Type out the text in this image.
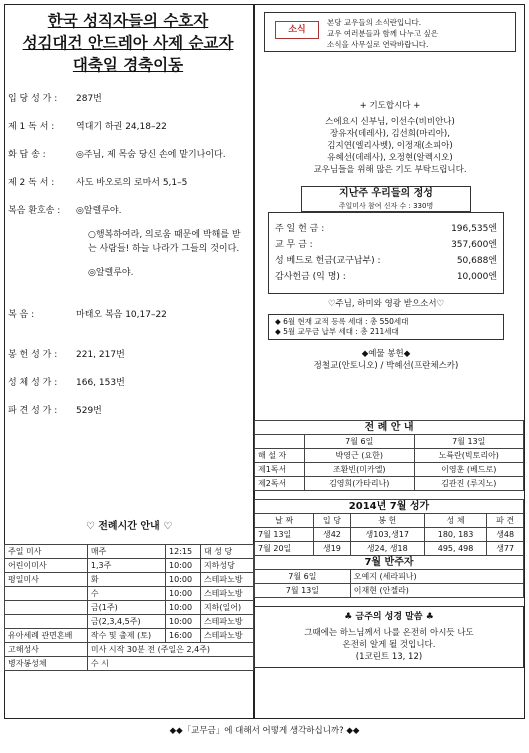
한국 성직자들의 수호자
성김대건 안드레아 사제 순교자
대축일 경축이동
입 당 성 가 :	287번
제 1 독 서 :	역대기 하권 24,18–22
화 답 송 :	◎주님, 제 목숨 당신 손에 맡기나이다.
제 2 독 서 :	사도 바오로의 로마서 5,1–5
복음 환호송 :	◎알렐루야.
○행복하여라, 의로움 때문에 박해를 받는 사람들! 하늘 나라가 그들의 것이다.
◎알렐루야.
복 음 :	마태오 복음 10,17–22
봉 헌 성 가 :	221, 217번
성 체 성 가 :	166, 153번
파 견 성 가 :	529번
♡ 전례시간 안내 ♡
주일 미사	매주	12:15	대 성 당
어린이미사	1,3주	10:00	지하성당
평일미사	화	10:00	스테파노방
	수	10:00	스테파노방
	금(1주)	10:00	지하(일어)
	금(2,3,4,5주)	10:00	스테파노방
유아세례 관면혼배	작수 및 출제 (토)	16:00	스테파노방
고해성사	미사 시작 30분 전 (주일은 2,4주)		
병자봉성체	수 시		
소식
본당 교우들의 소식란입니다.
교우 여러분들과 함께 나누고 싶은
소식을 사무실로 연락바랍니다.
+ 기도합시다 +
스에요시 신부님, 이선수(비비안나)
장유자(데레사), 김선희(마리아),
김지연(엘리사벳), 이정재(소피아)
유혜선(데레사), 오정현(알렉시오)
교우님들을 위해 많은 기도 부탁드립니다.
지난주 우리들의 정성
주일미사 참여 신자 수 : 330명
주 일 헌 금 :	196,535엔
교 무 금 :	357,600엔
성 베드로 헌금(교구납부) :	50,688엔
감사헌금 (익 명) :	10,000엔
♡주님, 하미와 영광 받으소서♡
◆ 6월 현재 교적 등록 세대 : 총 550세대
◆ 5월 교무금 납부 세대 : 총 211세대
◆예물 봉헌◆
정철교(안토니오) / 박혜선(프란체스카)
전 례 안 내		
	7월 6일	7월 13일
해 설 자	박영근 (요한)	노륙란(빅토리아)
제1독서	조환빈(미카엘)	이영훈 (베드로)
제2독서	김영희(가타리나)	김관진 (루지노)
2014년 7월 성가				
날 짜	입 당	봉 헌	성 체	파 견
7월 13일	생42	생103,생17	180, 183	생48
7월 20일	생19	생24, 생18	495, 498	생77
7월 반주자				
7월 6일		오예지 (세라피나)		
7월 13일		이재현 (안젤라)		
♣ 금주의 성경 말씀 ♣
그때에는 하느님께서 나를 온전히 아시듯 나도
온전히 알게 될 것입니다.
(1코린트 13, 12)
◆◆「교무금」에 대해서 어떻게 생각하십니까? ◆◆
